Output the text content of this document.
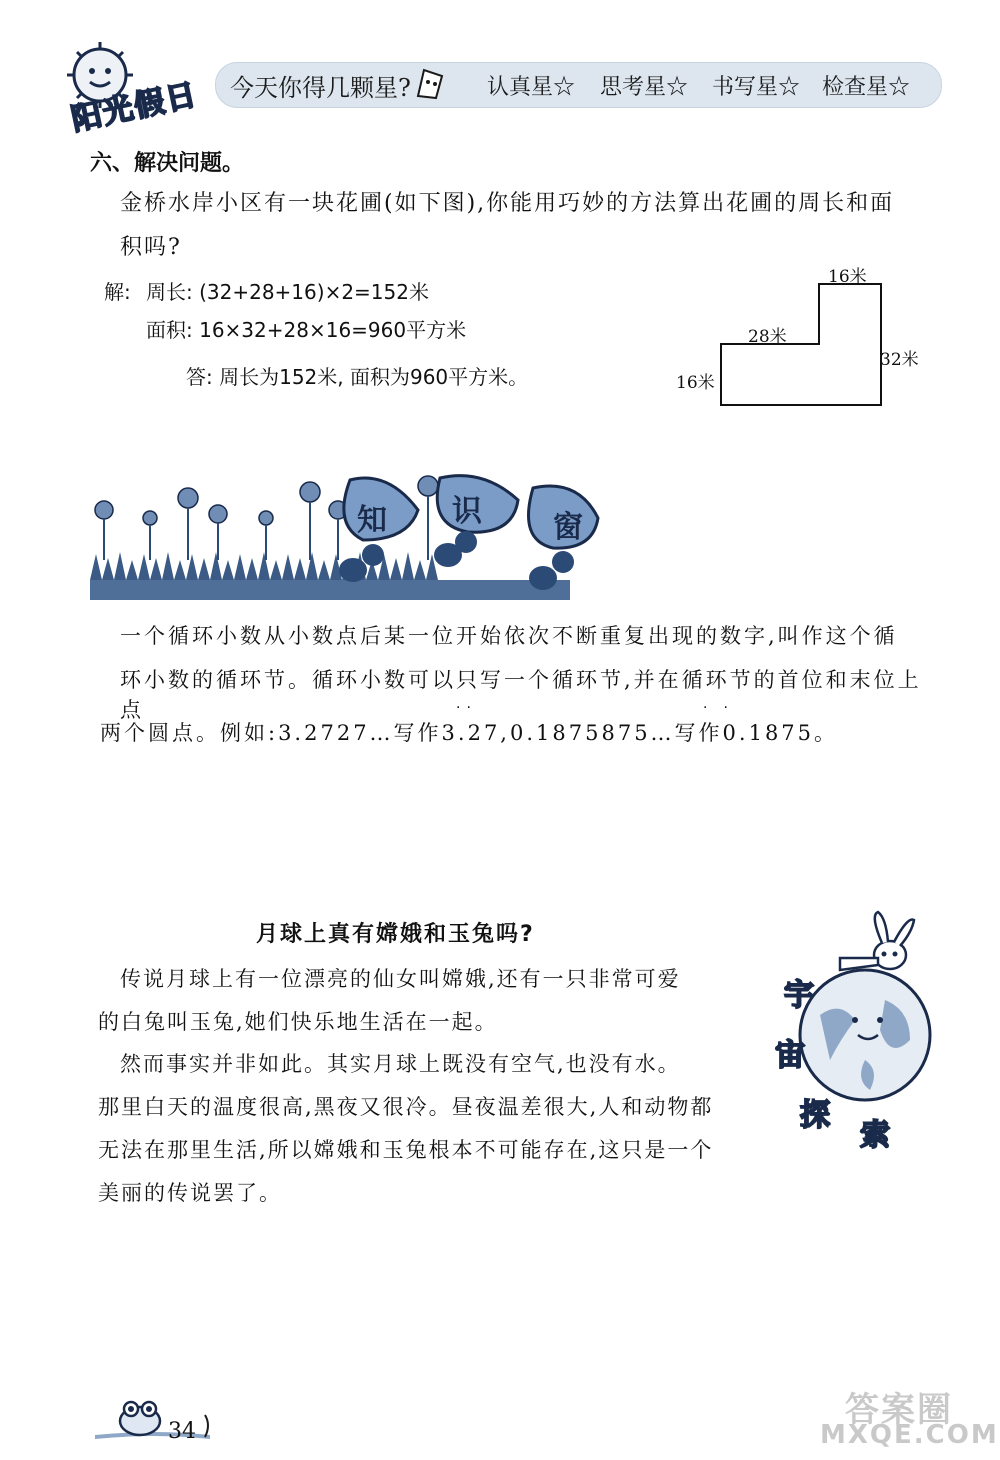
阳光假日 今天你得几颗星?	认真星☆ 思考星☆ 书写星☆ 检查星☆
六、解决问题。
金桥水岸小区有一块花圃(如下图),你能用巧妙的方法算出花圃的周长和面
积吗?
解: 周长: (32+28+16)×2=152米
面积: 16×32+28×16=960平方米
答: 周长为152米, 面积为960平方米。
16米
28米
32米
16米
知 识 窗
一个循环小数从小数点后某一位开始依次不断重复出现的数字,叫作这个循
环小数的循环节。循环小数可以只写一个循环节,并在循环节的首位和末位上点
两个圆点。例如:3.2727…写作3.27,0.1875875…写作0.1875。
··	··
月球上真有嫦娥和玉兔吗?
传说月球上有一位漂亮的仙女叫嫦娥,还有一只非常可爱
的白兔叫玉兔,她们快乐地生活在一起。
然而事实并非如此。其实月球上既没有空气,也没有水。
那里白天的温度很高,黑夜又很冷。昼夜温差很大,人和动物都
无法在那里生活,所以嫦娥和玉兔根本不可能存在,这只是一个
美丽的传说罢了。
宇
宙
探
索
34
答案圈
MXQE.COM
